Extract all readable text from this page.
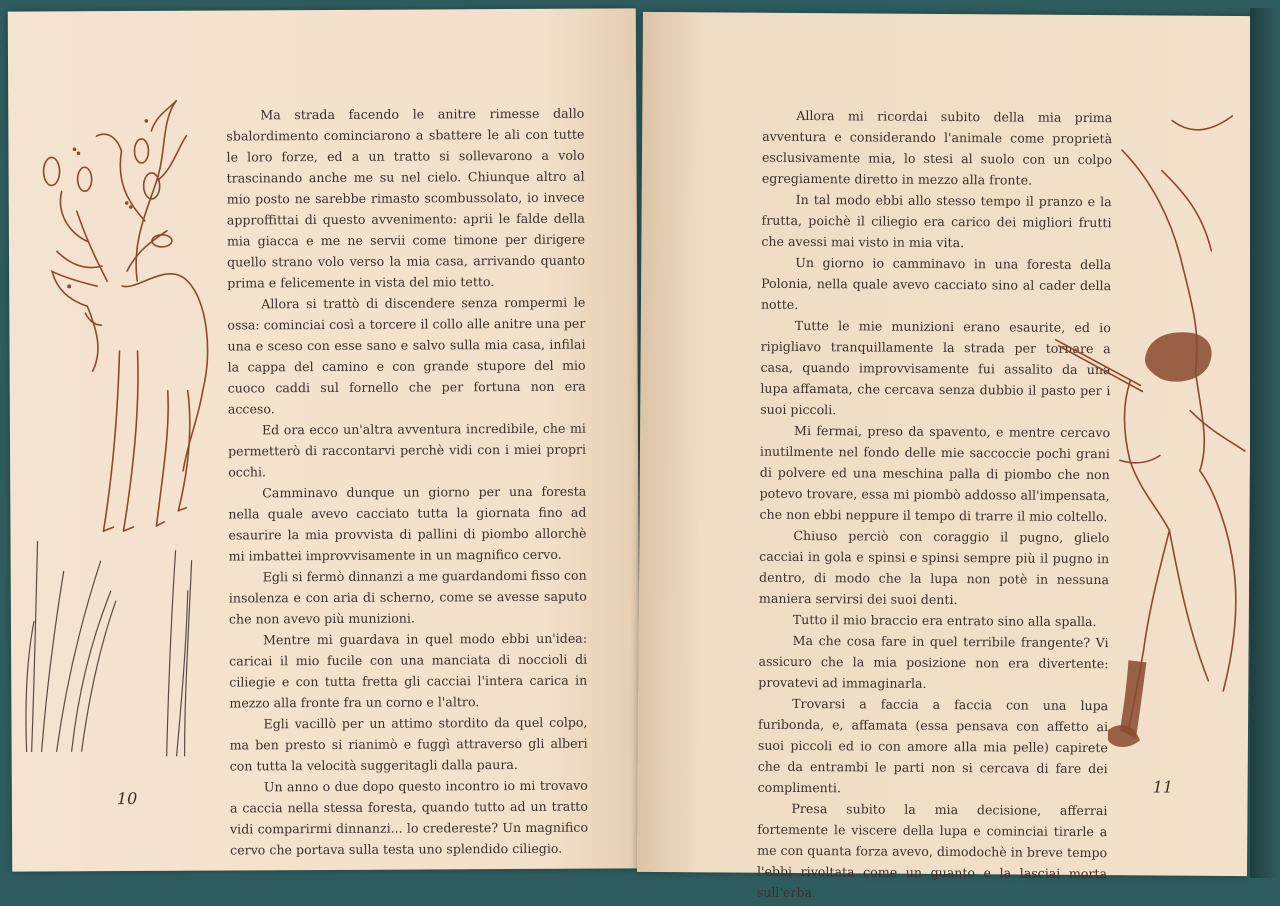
Ma strada facendo le anitre rimesse dallo sbalordimento cominciarono a sbattere le ali con tutte le loro forze, ed a un tratto si sollevarono a volo trascinando anche me su nel cielo. Chiunque altro al mio posto ne sarebbe rimasto scombussolato, io invece approffittai di questo avvenimento: aprii le falde della mia giacca e me ne servii come timone per dirigere quello strano volo verso la mia casa, arrivando quanto prima e felicemente in vista del mio tetto.

Allora si trattò di discendere senza rompermi le ossa: cominciai così a torcere il collo alle anitre una per una e sceso con esse sano e salvo sulla mia casa, infilai la cappa del camino e con grande stupore del mio cuoco caddi sul fornello che per fortuna non era acceso.

Ed ora ecco un'altra avventura incredibile, che mi permetterò di raccontarvi perchè vidi con i miei propri occhi.

Camminavo dunque un giorno per una foresta nella quale avevo cacciato tutta la giornata fino ad esaurire la mia provvista di pallini di piombo allorchè mi imbattei improvvisamente in un magnifico cervo.

Egli si fermò dinnanzi a me guardandomi fisso con insolenza e con aria di scherno, come se avesse saputo che non avevo più munizioni.

Mentre mi guardava in quel modo ebbi un'idea: caricai il mio fucile con una manciata di noccioli di ciliegie e con tutta fretta gli cacciai l'intera carica in mezzo alla fronte fra un corno e l'altro.

Egli vacillò per un attimo stordito da quel colpo, ma ben presto si rianimò e fuggì attraverso gli alberi con tutta la velocità suggeritagli dalla paura.

Un anno o due dopo questo incontro io mi trovavo a caccia nella stessa foresta, quando tutto ad un tratto vidi comparirmi dinnanzi... lo credereste? Un magnifico cervo che portava sulla testa uno splendido ciliegio.

10

Allora mi ricordai subito della mia prima avventura e considerando l'animale come proprietà esclusivamente mia, lo stesi al suolo con un colpo egregiamente diretto in mezzo alla fronte.

In tal modo ebbi allo stesso tempo il pranzo e la frutta, poichè il ciliegio era carico dei migliori frutti che avessi mai visto in mia vita.

Un giorno io camminavo in una foresta della Polonia, nella quale avevo cacciato sino al cader della notte.

Tutte le mie munizioni erano esaurite, ed io ripigliavo tranquillamente la strada per tornare a casa, quando improvvisamente fui assalito da una lupa affamata, che cercava senza dubbio il pasto per i suoi piccoli.

Mi fermai, preso da spavento, e mentre cercavo inutilmente nel fondo delle mie saccoccie pochi grani di polvere ed una meschina palla di piombo che non potevo trovare, essa mi piombò addosso all'impensata, che non ebbi neppure il tempo di trarre il mio coltello.

Chiuso perciò con coraggio il pugno, glielo cacciai in gola e spinsi e spinsi sempre più il pugno in dentro, di modo che la lupa non potè in nessuna maniera servirsi dei suoi denti.

Tutto il mio braccio era entrato sino alla spalla.

Ma che cosa fare in quel terribile frangente? Vi assicuro che la mia posizione non era divertente: provatevi ad immaginarla.

Trovarsi a faccia a faccia con una lupa furibonda, e, affamata (essa pensava con affetto ai suoi piccoli ed io con amore alla mia pelle) capirete che da entrambi le parti non si cercava di fare dei complimenti.

Presa subito la mia decisione, afferrai fortemente le viscere della lupa e cominciai tirarle a me con quanta forza avevo, dimodochè in breve tempo l'ebbi rivoltata come un guanto e la lasciai morta sull'erba.

11
